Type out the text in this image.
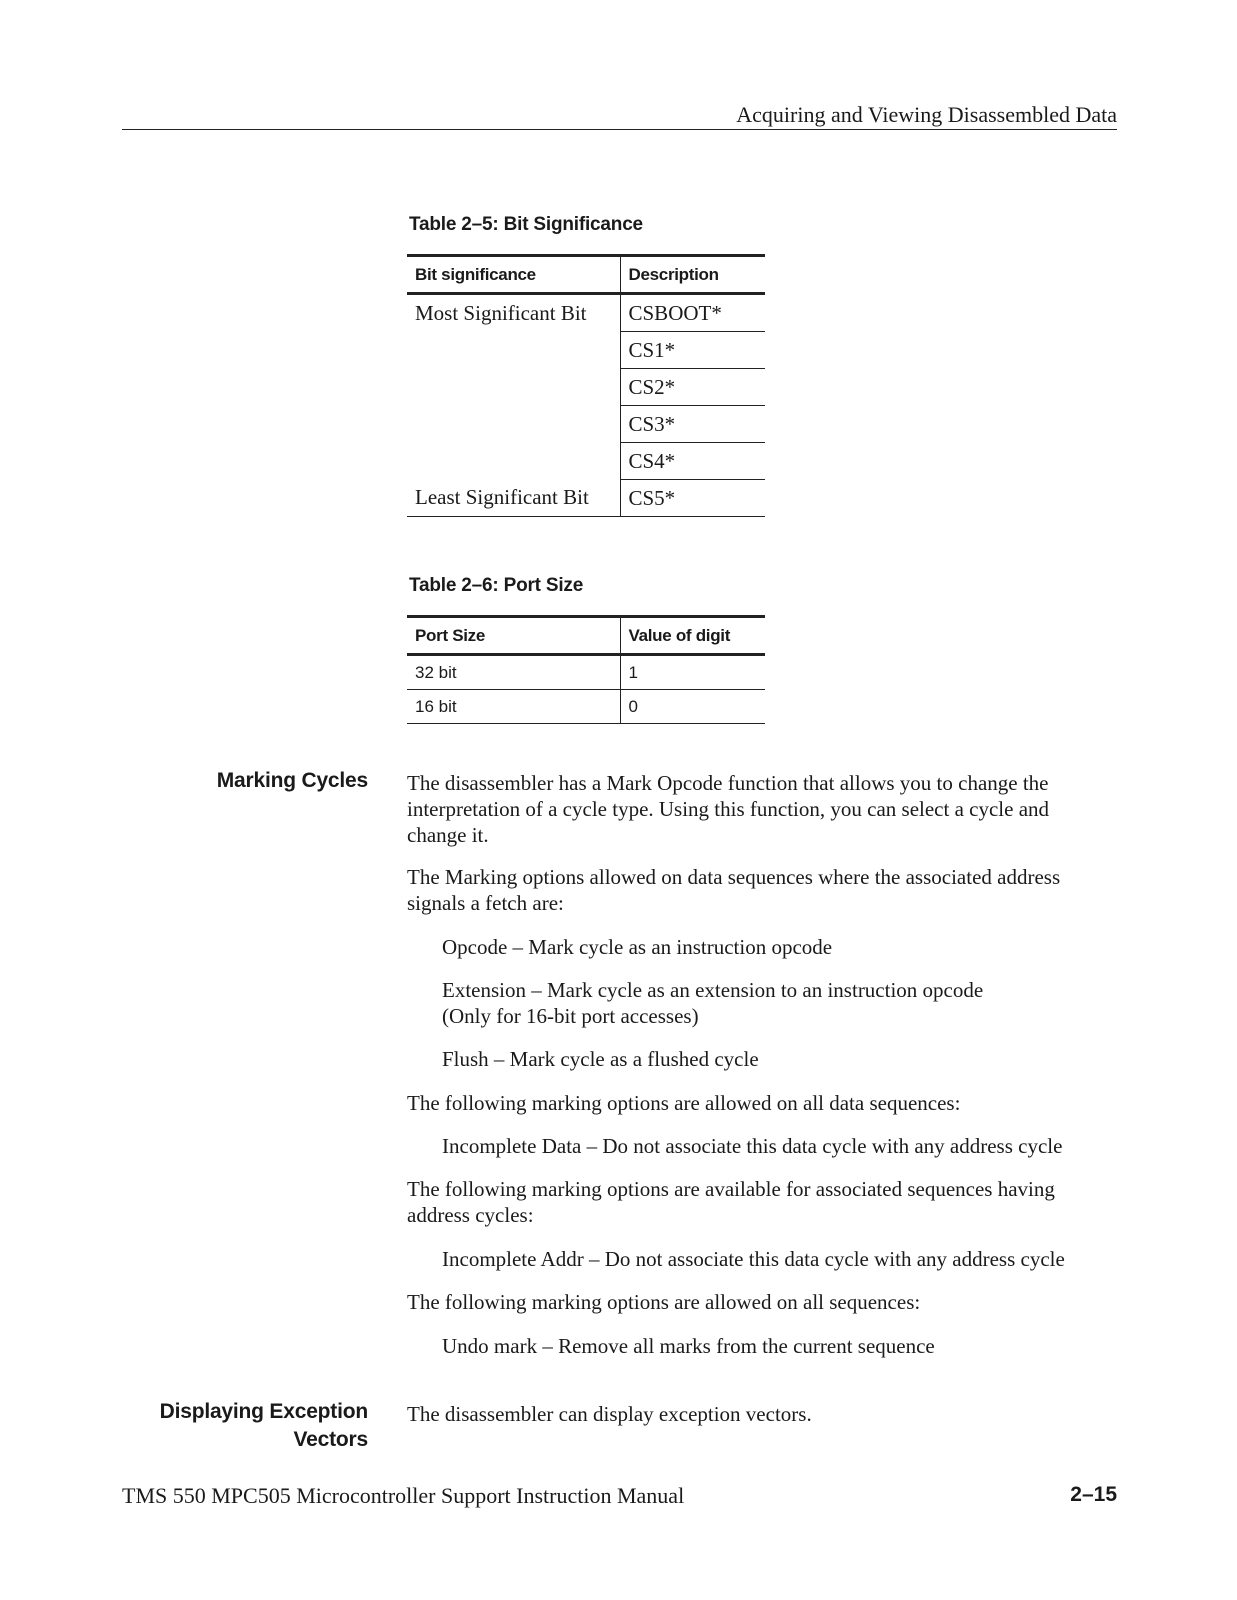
Acquiring and Viewing Disassembled Data
Table 2–5: Bit Significance
Bit significance	Description
Most Significant Bit	CSBOOT*
	CS1*
	CS2*
	CS3*
	CS4*
Least Significant Bit	CS5*
Table 2–6: Port Size
Port Size	Value of digit
32 bit	1
16 bit	0
Marking Cycles The disassembler has a Mark Opcode function that allows you to change the interpretation of a cycle type. Using this function, you can select a cycle and change it.

The Marking options allowed on data sequences where the associated address signals a fetch are:

Opcode – Mark cycle as an instruction opcode

Extension – Mark cycle as an extension to an instruction opcode

(Only for 16-bit port accesses)

Flush – Mark cycle as a flushed cycle

The following marking options are allowed on all data sequences:

Incomplete Data – Do not associate this data cycle with any address cycle

The following marking options are available for associated sequences having address cycles:

Incomplete Addr – Do not associate this data cycle with any address cycle

The following marking options are allowed on all sequences:

Undo mark – Remove all marks from the current sequence

Displaying Exception
Vectors

The disassembler can display exception vectors.

TMS 550 MPC505 Microcontroller Support Instruction Manual	2–15
